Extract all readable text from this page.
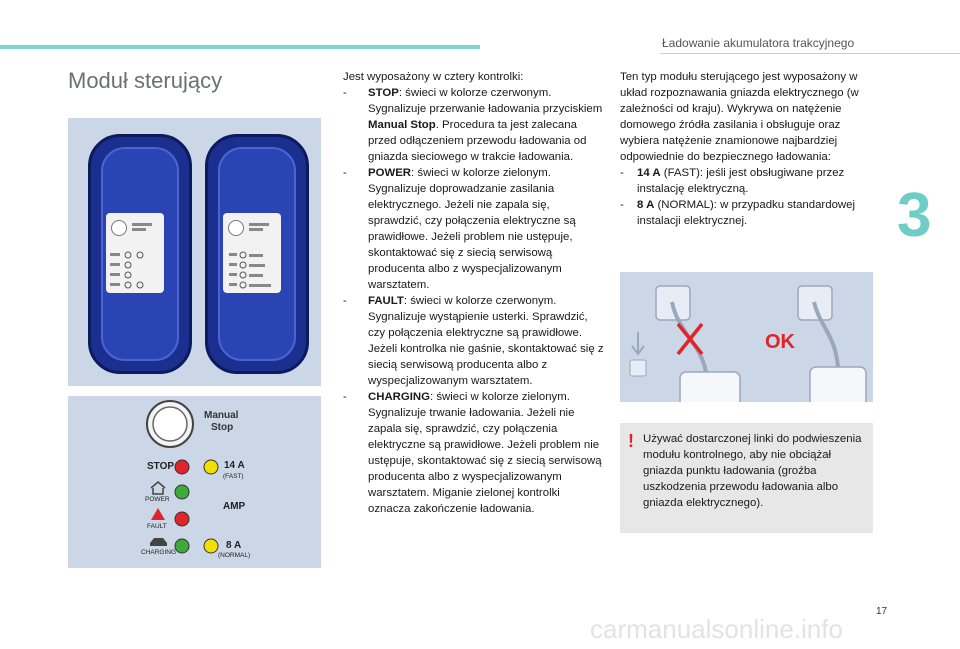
Ładowanie akumulatora trakcyjnego
3
Moduł sterujący
Manual
Stop
STOP
POWER
FAULT
CHARGING
14 A
(FAST)
AMP
8 A
(NORMAL)
Jest wyposażony w cztery kontrolki:
- STOP: świeci w kolorze czerwonym. Sygnalizuje przerwanie ładowania przyciskiem Manual Stop. Procedura ta jest zalecana przed odłączeniem przewodu ładowania od gniazda sieciowego w trakcie ładowania.
- POWER: świeci w kolorze zielonym. Sygnalizuje doprowadzanie zasilania elektrycznego. Jeżeli nie zapala się, sprawdzić, czy połączenia elektryczne są prawidłowe. Jeżeli problem nie ustępuje, skontaktować się z siecią serwisową producenta albo z wyspecjalizowanym warsztatem.
- FAULT: świeci w kolorze czerwonym. Sygnalizuje wystąpienie usterki. Sprawdzić, czy połączenia elektryczne są prawidłowe. Jeżeli kontrolka nie gaśnie, skontaktować się z siecią serwisową producenta albo z wyspecjalizowanym warsztatem.
- CHARGING: świeci w kolorze zielonym. Sygnalizuje trwanie ładowania. Jeżeli nie zapala się, sprawdzić, czy połączenia elektryczne są prawidłowe. Jeżeli problem nie ustępuje, skontaktować się z siecią serwisową producenta albo z wyspecjalizowanym warsztatem. Miganie zielonej kontrolki oznacza zakończenie ładowania.
Ten typ modułu sterującego jest wyposażony w układ rozpoznawania gniazda elektrycznego (w zależności od kraju). Wykrywa on natężenie domowego źródła zasilania i obsługuje oraz wybiera natężenie znamionowe najbardziej odpowiednie do bezpiecznego ładowania:
- 14 A (FAST): jeśli jest obsługiwane przez instalację elektryczną.
- 8 A (NORMAL): w przypadku standardowej instalacji elektrycznej.
OK
! Używać dostarczonej linki do podwieszenia modułu kontrolnego, aby nie obciążał gniazda punktu ładowania (groźba uszkodzenia przewodu ładowania albo gniazda elektrycznego).
17
carmanualsonline.info
